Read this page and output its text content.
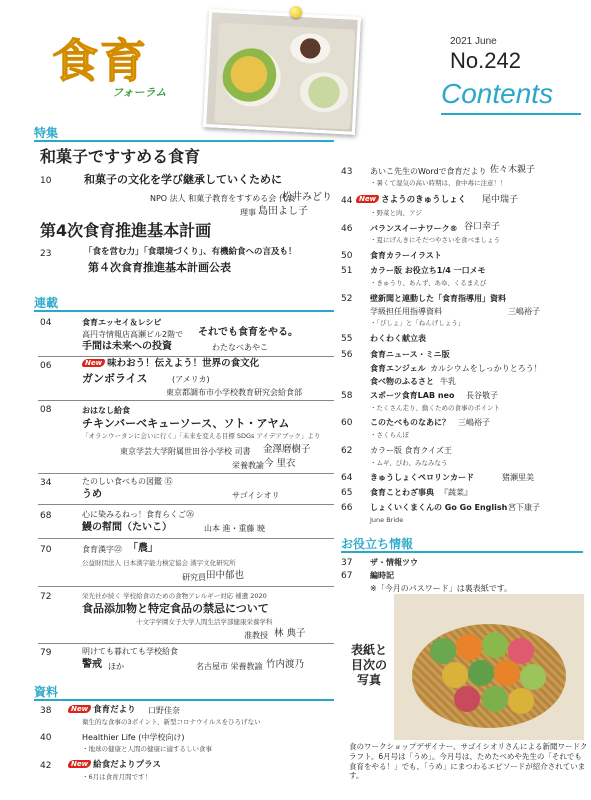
食育
フォーラム
2021 June
No.242
Contents
特集
和菓子ですすめる食育
10	和菓子の文化を学び継承していくために
NPO 法人 和菓子教育をすすめる会 代表
松井みどり
理事 島田よし子
第4次食育推進基本計画
23	「食を営む力」「食環境づくり」、有機給食への言及も！
第４次食育推進基本計画公表
連載
04	食育エッセイ＆レシピ
高円寺情報店高瀬ビル2階で それでも食育をやる。
手間は未来への投資	わたなべあやこ
06	New 味わおう！伝えよう！世界の食文化
ガンボライス	(アメリカ)
東京都調布市小学校教育研究会給食部
08	おはなし給食
チキンバーベキューソース、ソト・アヤム
「オランウータンに会いに行く」「未来を変える目標 SDGs アイデアブック」より
東京学芸大学附属世田谷小学校 司書 金澤磨樹子
栄養教諭 今 里衣
34	たのしい食べもの図鑑 ⑮
うめ	サゴイシオリ
68	心に染みるねっ！食育らくご㉖
鰻の幇間（たいこ）	山本 進・重藤 暁
70	食育漢字㉒ 「農」
公益財団法人 日本漢字能力検定協会 漢字文化研究所
研究員 田中郁也
72	栄光社が続く 学校給食のための食物アレルギー対応 補遺 2020
食品添加物と特定食品の禁忌について
十文字学園女子大学人間生活学部健康栄養学科
准教授 林 典子
79	明けても暮れても学校給食
警戒 ほか	名古屋市 栄養教諭 竹内渡乃
資料
38	New 食育だより 口野佳奈
衛生的な食事の3ポイント、新型コロナウイルスをひろげない
40	Healthier Life (中学校向け)
・地球の健康と人間の健康に適するしい食事
42	New 給食だよりプラス
・6月は食育月間です！
43 あいこ先生のWordで食育だより 佐々木親子
・暑くて湿気の高い時期は、食中毒に注意！！
44 New さようのきゅうしょく 尾中瑞子
・野菜と肉、アジ
46 バランスイーナワーク® 谷口幸子
・夏にげんきにそだつやさいを食べましょう
50 食育カラーイラスト
51 カラー版 お役立ち1/4 一口メモ
・きゅうり、あんず、あゆ、くるまえび
52 壁新聞と連動した「食育指導用」資料
学級担任用指導資料	三嶋裕子
・「ぴしょ」と「ねんげしょう」
55 わくわく献立表
56 食育ニュース・ミニ版
食育エンジェル カルシウムをしっかりとろう！
食べ物のふるさと 牛乳
58 スポーツ食育LAB neo 長谷敬子
・たくさん走り、動くための食事のポイント
60 このたべものなあに？ 三嶋裕子
・さくらんぼ
62 カラー版 食育クイズ王
・ムギ、びわ、みなみなう
64 きゅうしょくペロリンカード	猪瀬里美
65 食育ことわざ事典 『蔬菜』
66 しょくいくまくんの Go Go English 宮下康子
June Bride
お役立ち情報
37 ザ・情報ツウ
67 編時記
※「今月のパスワード」は裏表紙です。
表紙と目次の写真
食のワークショップデザイナー、サゴイシオリさんによる新聞ワードクラフト。6月号は「うめ」。今月号は、ためたべめや先生の「それでも食育をやる！」でも、「うめ」にまつわるエピソードが紹介されています。
